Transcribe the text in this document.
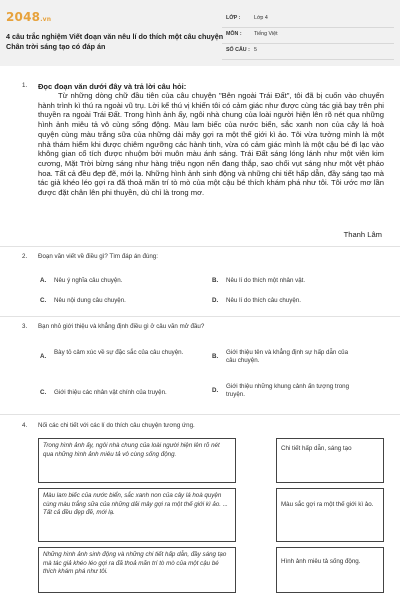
2048.vn
4 câu trắc nghiệm Viết đoạn văn nêu lí do thích một câu chuyện Chân trời sáng tạo có đáp án
LỚP :	Lớp 4
MÔN : Tiếng Việt
SỐ CÂU : 5
1. Đọc đoạn văn dưới đây và trả lời câu hỏi:

Từ những dòng chữ đầu tiên của câu chuyện "Bên ngoài Trái Đất", tôi đã bị cuốn vào chuyến hành trình kì thú ra ngoài vũ trụ. Lời kể thú vị khiến tôi có cảm giác như được cùng tác giả bay trên phi thuyền ra ngoài Trái Đất. Trong hình ảnh ấy, ngôi nhà chung của loài người hiện lên rõ nét qua những hình ảnh miêu tả vô cùng sống động. Màu lam biếc của nước biển, sắc xanh non của cây lá hoà quyện cùng màu trắng sữa của những dải mây gợi ra một thế giới kì ảo. Tôi vừa tưởng mình là một nhà thám hiểm khi được chiêm ngưỡng các hành tinh, vừa có cảm giác mình là một cậu bé đi lạc vào không gian cổ tích được nhuộm bởi muôn màu ánh sáng. Trái Đất sáng lóng lánh như một viên kim cương, Mặt Trời bừng sáng như hàng triệu ngọn nến đang thắp, sao chổi vụt sáng như một vệt pháo hoa. Tất cả đều đẹp đẽ, mới lạ. Những hình ảnh sinh động và những chi tiết hấp dẫn, đầy sáng tạo mà tác giả khéo léo gợi ra đã thoả mãn trí tò mò của một cậu bé thích khám phá như tôi. Tôi ước mơ lần được đặt chân lên phi thuyền, dù chỉ là trong mơ.

Thanh Lâm
2. Đoạn văn viết về điều gì? Tìm đáp án đúng:
A. Nêu ý nghĩa câu chuyện.	B. Nêu lí do thích một nhân vật.
C. Nêu nội dung câu chuyện.	D. Nêu lí do thích câu chuyện.
3. Bạn nhỏ giới thiệu và khẳng định điều gì ở câu văn mở đầu?
A.
Bày tỏ cảm xúc về sự đặc sắc của câu chuyện.
B.
Giới thiệu tên và khẳng định sự hấp dẫn của câu chuyện.
C. Giới thiệu các nhân vật chính của truyện.	D.
Giới thiệu những khung cảnh ấn tượng trong truyện.
4. Nối các chi tiết với các lí do thích câu chuyện tương ứng.
Trong hình ảnh ấy, ngôi nhà chung của loài người hiện lên rõ nét qua những hình ảnh miêu tả vô cùng sống động.
Màu lam biếc của nước biển, sắc xanh non của cây lá hoà quyện cùng màu trắng sữa của những dải mây gợi ra một thế giới kì ảo. ... Tất cả đều đẹp đẽ, mới lạ.
Những hình ảnh sinh động và những chi tiết hấp dẫn, đầy sáng tạo mà tác giả khéo léo gợi ra đã thoả mãn trí tò mò của một cậu bé thích khám phá như tôi.
Chi tiết hấp dẫn, sáng tạo
Màu sắc gợi ra một thế giới kì ảo.
Hình ảnh miêu tả sống động.
